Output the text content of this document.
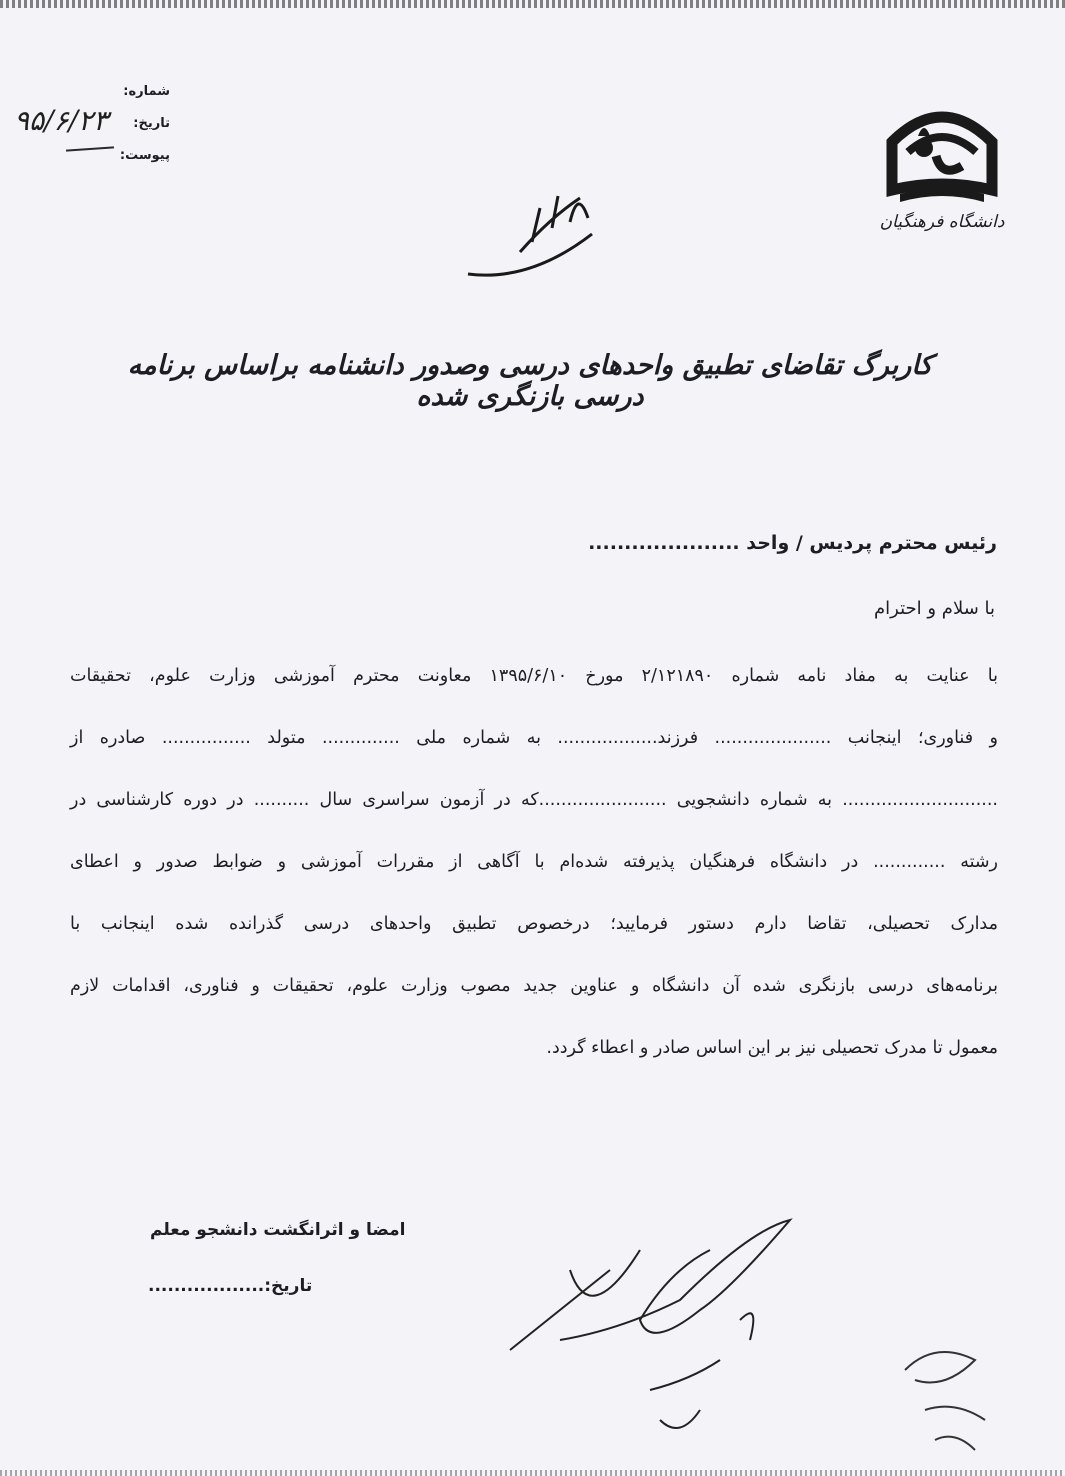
شماره:
تاریخ:
پیوست:
۹۵/۶/۲۳
دانشگاه فرهنگیان
کاربرگ تقاضای تطبیق واحدهای درسی وصدور دانشنامه براساس برنامه درسی بازنگری شده
رئیس محترم پردیس / واحد .....................
با سلام و احترام
با عنایت به مفاد نامه شماره ۲/۱۲۱۸۹۰ مورخ ۱۳۹۵/۶/۱۰ معاونت محترم آموزشی وزارت علوم، تحقیقات
و فناوری؛ اینجانب ..................... فرزند.................. به شماره ملی .............. متولد ................ صادره از
............................ به شماره دانشجویی .......................که در آزمون سراسری سال .......... در دوره کارشناسی در
رشته ............. در دانشگاه فرهنگیان پذیرفته شده‌ام با آگاهی از مقررات آموزشی و ضوابط صدور و اعطای
مدارک تحصیلی، تقاضا دارم دستور فرمایید؛ درخصوص تطبیق واحدهای درسی گذرانده شده اینجانب با
برنامه‌های درسی بازنگری شده آن دانشگاه و عناوین جدید مصوب وزارت علوم، تحقیقات و فناوری، اقدامات لازم
معمول تا مدرک تحصیلی نیز بر این اساس صادر و اعطاء گردد.
امضا و اثرانگشت دانشجو معلم
تاریخ:..................
